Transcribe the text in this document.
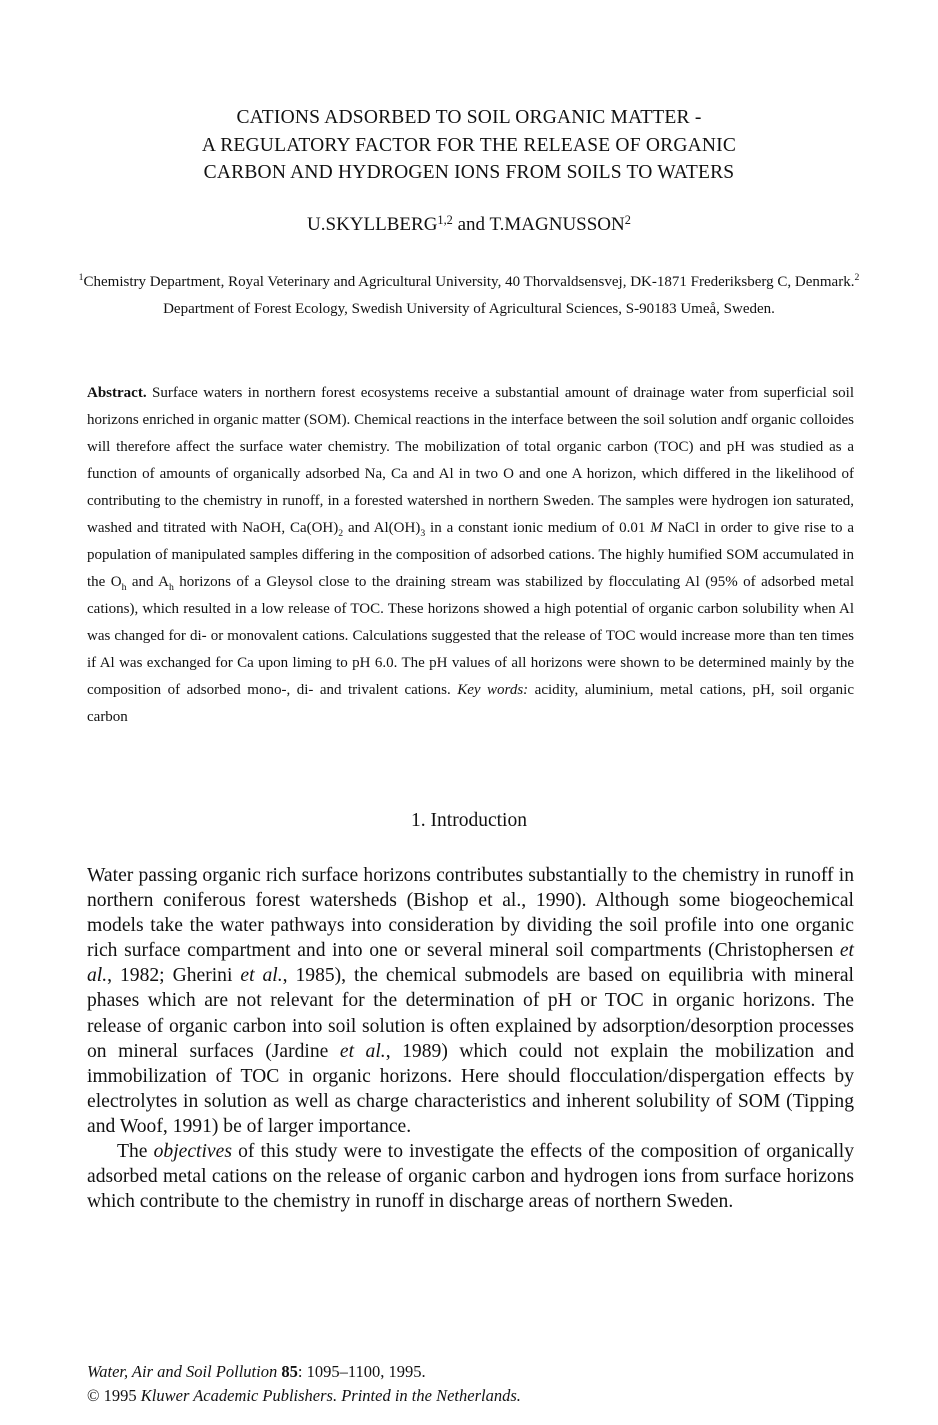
CATIONS ADSORBED TO SOIL ORGANIC MATTER -
A REGULATORY FACTOR FOR THE RELEASE OF ORGANIC
CARBON AND HYDROGEN IONS FROM SOILS TO WATERS
U.SKYLLBERG$^{1,2}$ and T.MAGNUSSON$^2$
$^1$Chemistry Department, Royal Veterinary and Agricultural University, 40 Thorvaldsensvej, DK-1871 Frederiksberg C, Denmark.$^2$ Department of Forest Ecology, Swedish University of Agricultural Sciences, S-90183 Umeå, Sweden.
Abstract. Surface waters in northern forest ecosystems receive a substantial amount of drainage water from superficial soil horizons enriched in organic matter (SOM). Chemical reactions in the interface between the soil solution andf organic colloides will therefore affect the surface water chemistry. The mobilization of total organic carbon (TOC) and pH was studied as a function of amounts of organically adsorbed Na, Ca and Al in two O and one A horizon, which differed in the likelihood of contributing to the chemistry in runoff, in a forested watershed in northern Sweden. The samples were hydrogen ion saturated, washed and titrated with NaOH, $Ca(OH)_2$ and $Al(OH)_3$ in a constant ionic medium of 0.01 M NaCl in order to give rise to a population of manipulated samples differing in the composition of adsorbed cations. The highly humified SOM accumulated in the $O_h$ and $A_h$ horizons of a Gleysol close to the draining stream was stabilized by flocculating Al (95% of adsorbed metal cations), which resulted in a low release of TOC. These horizons showed a high potential of organic carbon solubility when Al was changed for di- or monovalent cations. Calculations suggested that the release of TOC would increase more than ten times if Al was exchanged for Ca upon liming to pH 6.0. The pH values of all horizons were shown to be determined mainly by the composition of adsorbed mono-, di- and trivalent cations. Key words: acidity, aluminium, metal cations, pH, soil organic carbon
1. Introduction

Water passing organic rich surface horizons contributes substantially to the chemistry in runoff in northern coniferous forest watersheds (Bishop et al., 1990). Although some biogeochemical models take the water pathways into consideration by dividing the soil profile into one organic rich surface compartment and into one or several mineral soil compartments (Christophersen et al., 1982; Gherini et al., 1985), the chemical submodels are based on equilibria with mineral phases which are not relevant for the determination of pH or TOC in organic horizons. The release of organic carbon into soil solution is often explained by adsorption/desorption processes on mineral surfaces (Jardine et al., 1989) which could not explain the mobilization and immobilization of TOC in organic horizons. Here should flocculation/dispergation effects by electrolytes in solution as well as charge characteristics and inherent solubility of SOM (Tipping and Woof, 1991) be of larger importance.

The objectives of this study were to investigate the effects of the composition of organically adsorbed metal cations on the release of organic carbon and hydrogen ions from surface horizons which contribute to the chemistry in runoff in discharge areas of northern Sweden.

Water, Air and Soil Pollution 85: 1095–1100, 1995.
© 1995 Kluwer Academic Publishers. Printed in the Netherlands.
